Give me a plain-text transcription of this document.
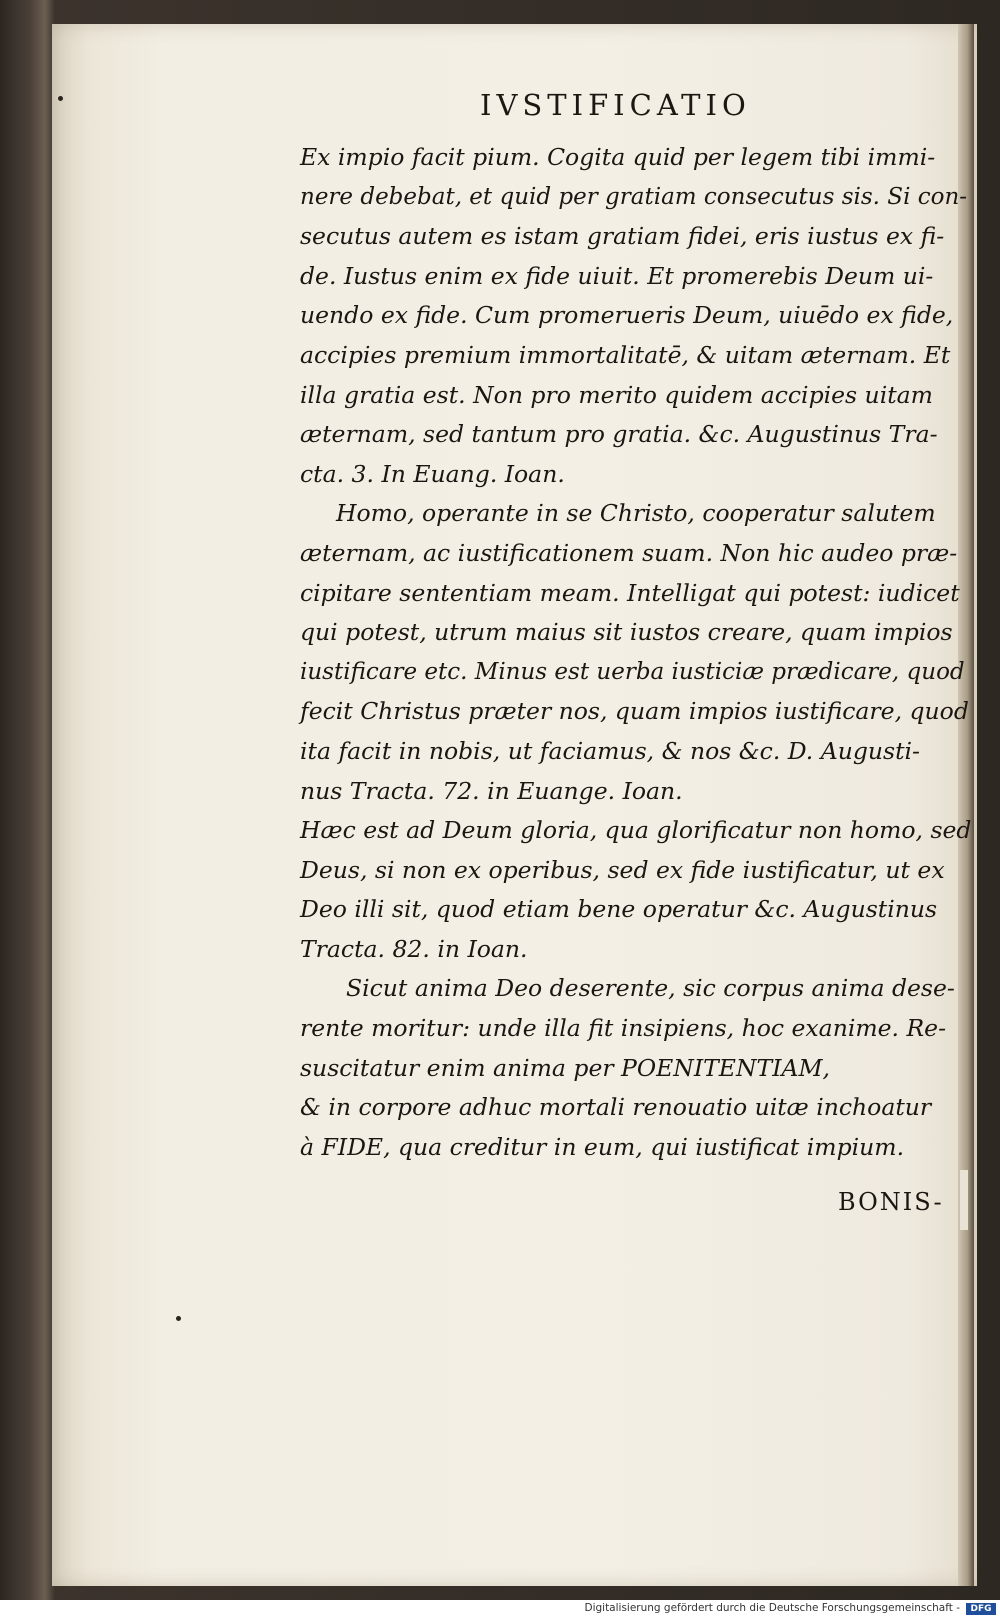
IVSTIFICATIO
Ex impio facit pium. Cogita quid per legem tibi immi-
nere debebat, et quid per gratiam consecutus sis. Si con-
secutus autem es istam gratiam fidei, eris iustus ex fi-
de. Iustus enim ex fide uiuit. Et promerebis Deum ui-
uendo ex fide. Cum promerueris Deum, uiuēdo ex fide,
accipies premium immortalitatē, & uitam æternam. Et
illa gratia est. Non pro merito quidem accipies uitam
æternam, sed tantum pro gratia. &c. Augustinus Tra-
cta. 3. In Euang. Ioan.
Homo, operante in se Christo, cooperatur salutem
æternam, ac iustificationem suam. Non hic audeo præ-
cipitare sententiam meam. Intelligat qui potest: iudicet
qui potest, utrum maius sit iustos creare, quam impios
iustificare etc. Minus est uerba iusticiæ prædicare, quod
fecit Christus præter nos, quam impios iustificare, quod
ita facit in nobis, ut faciamus, & nos &c. D. Augusti-
nus Tracta. 72. in Euange. Ioan.
Hæc est ad Deum gloria, qua glorificatur non homo, sed
Deus, si non ex operibus, sed ex fide iustificatur, ut ex
Deo illi sit, quod etiam bene operatur &c. Augustinus
Tracta. 82. in Ioan.
Sicut anima Deo deserente, sic corpus anima dese-
rente moritur: unde illa fit insipiens, hoc exanime. Re-
suscitatur enim anima per POENITENTIAM,
& in corpore adhuc mortali renouatio uitæ inchoatur
à FIDE, qua creditur in eum, qui iustificat impium.
BONIS-
Digitalisierung gefördert durch die Deutsche Forschungsgemeinschaft -	DFG
